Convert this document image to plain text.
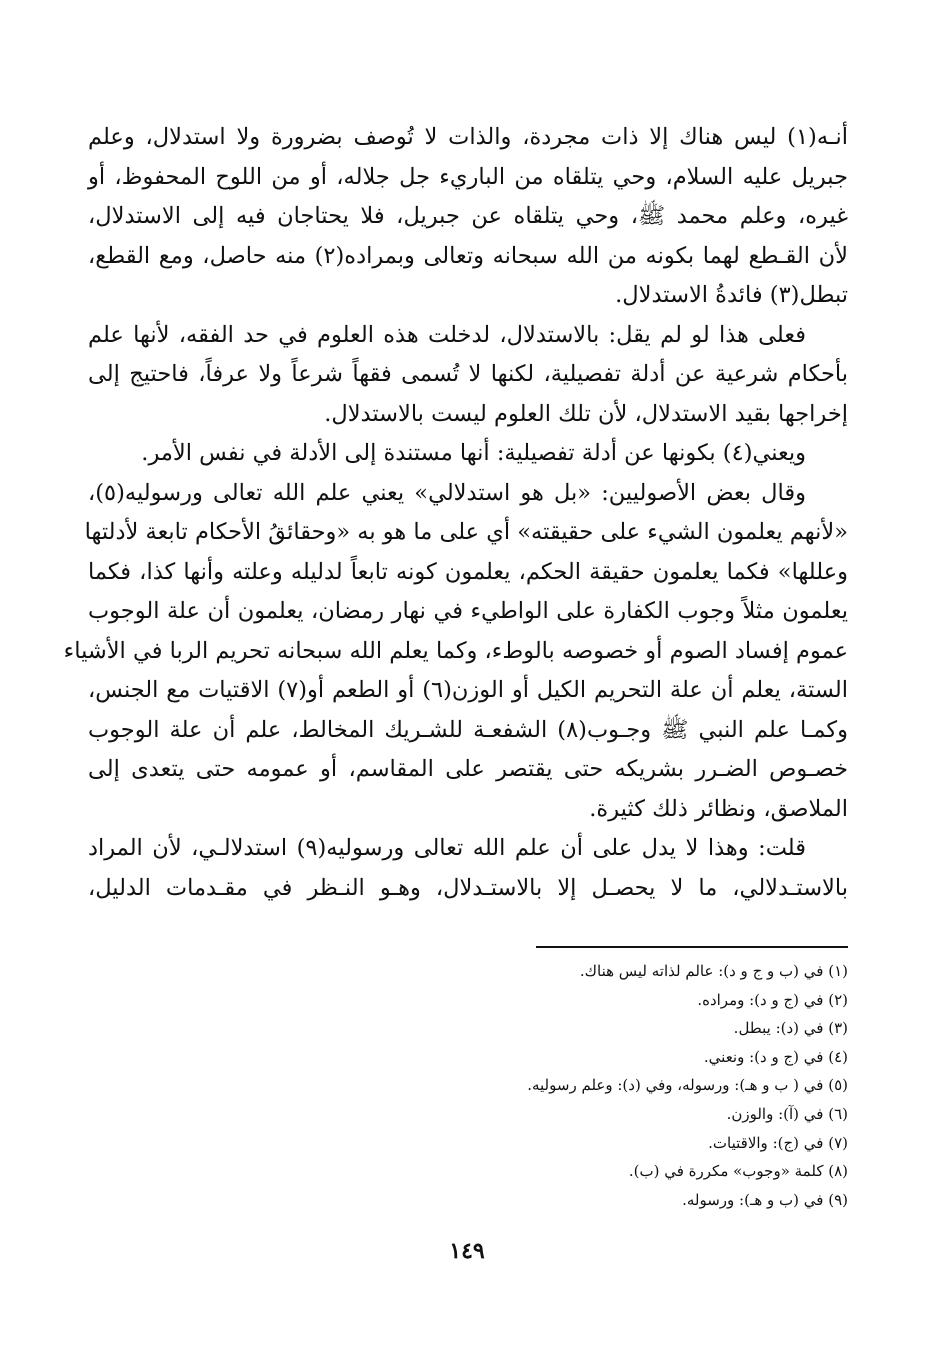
أنـه(١) ليس هناك إلا ذات مجردة، والذات لا تُوصف بضرورة ولا استدلال، وعلم
جبريل عليه السلام، وحي يتلقاه من الباريء جل جلاله، أو من اللوح المحفوظ، أو
غيره، وعلم محمد ﷺ، وحي يتلقاه عن جبريل، فلا يحتاجان فيه إلى الاستدلال،
لأن القـطع لهما بكونه من الله سبحانه وتعالى وبمراده(٢) منه حاصل، ومع القطع،
تبطل(٣) فائدةُ الاستدلال.
فعلى هذا لو لم يقل: بالاستدلال، لدخلت هذه العلوم في حد الفقه، لأنها علم
بأحكام شرعية عن أدلة تفصيلية، لكنها لا تُسمى فقهاً شرعاً ولا عرفاً، فاحتيج إلى
إخراجها بقيد الاستدلال، لأن تلك العلوم ليست بالاستدلال.
ويعني(٤) بكونها عن أدلة تفصيلية: أنها مستندة إلى الأدلة في نفس الأمر.
وقال بعض الأصوليين: «بل هو استدلالي» يعني علم الله تعالى ورسوليه(٥)،
«لأنهم يعلمون الشيء على حقيقته» أي على ما هو به «وحقائقُ الأحكام تابعة لأدلتها
وعللها» فكما يعلمون حقيقة الحكم، يعلمون كونه تابعاً لدليله وعلته وأنها كذا، فكما
يعلمون مثلاً وجوب الكفارة على الواطيء في نهار رمضان، يعلمون أن علة الوجوب
عموم إفساد الصوم أو خصوصه بالوطء، وكما يعلم الله سبحانه تحريم الربا في الأشياء
الستة، يعلم أن علة التحريم الكيل أو الوزن(٦) أو الطعم أو(٧) الاقتيات مع الجنس،
وكمـا علم النبي ﷺ وجـوب(٨) الشفعـة للشـريك المخالط، علم أن علة الوجوب
خصـوص الضـرر بشريكه حتى يقتصر على المقاسم، أو عمومه حتى يتعدى إلى
الملاصق، ونظائر ذلك كثيرة.
قلت: وهذا لا يدل على أن علم الله تعالى ورسوليه(٩) استدلالـي، لأن المراد
بالاستـدلالي، ما لا يحصـل إلا بالاستـدلال، وهـو النـظر في مقـدمات الدليل،
(١) في (ب و ج و د): عالم لذاته ليس هناك.
(٢) في (ج و د): ومراده.
(٣) في (د): يبطل.
(٤) في (ج و د): ونعني.
(٥) في ( ب و هـ): ورسوله، وفي (د): وعلم رسوليه.
(٦) في (آ): والوزن.
(٧) في (ج): والاقتيات.
(٨) كلمة «وجوب» مكررة في (ب).
(٩) في (ب و هـ): ورسوله.
١٤٩
